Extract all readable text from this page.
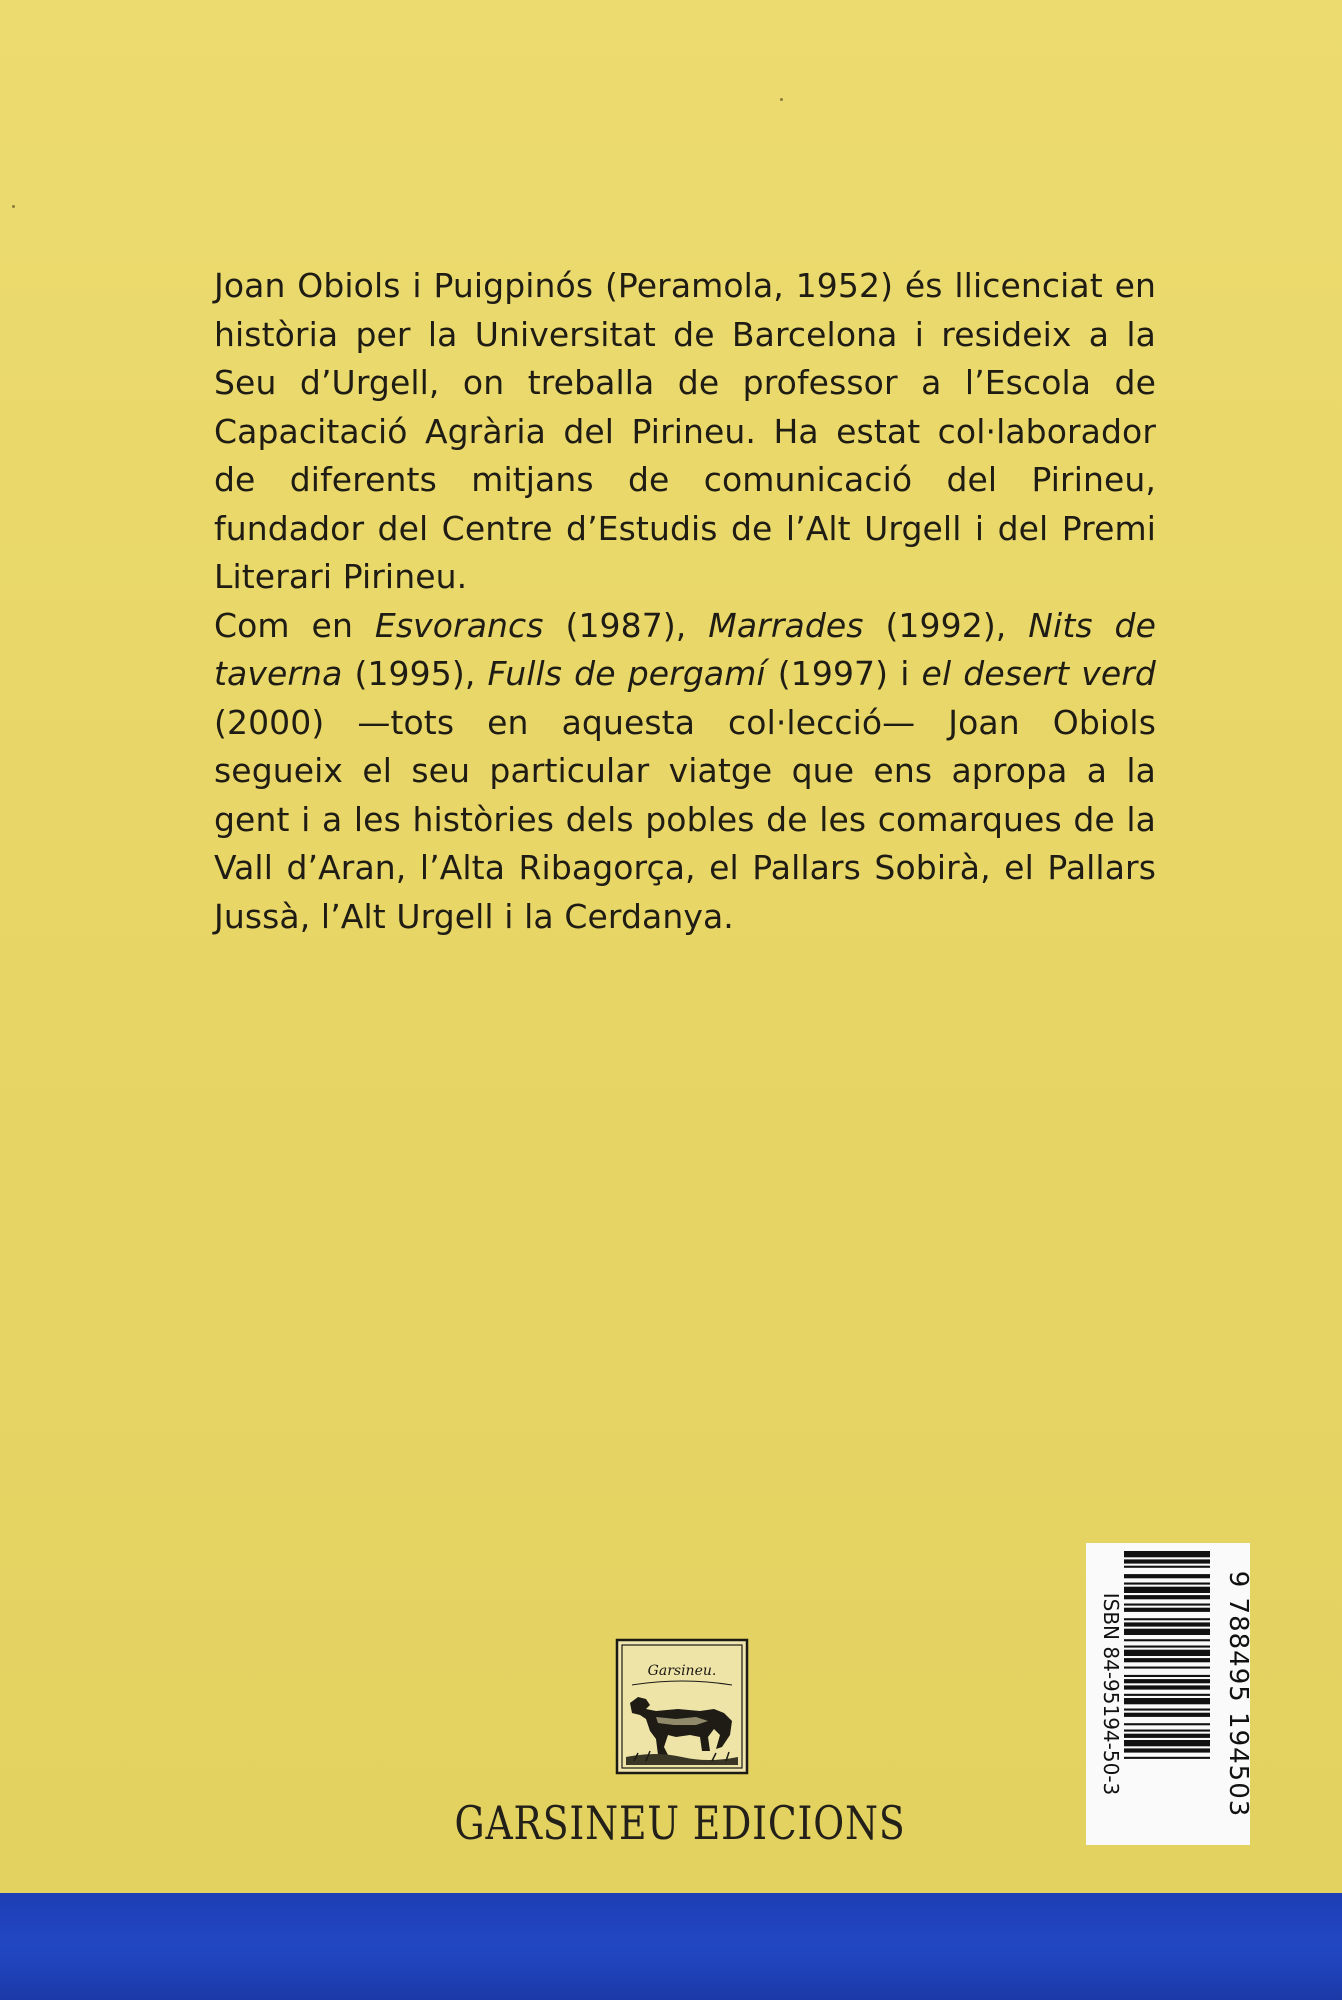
Joan Obiols i Puigpinós (Peramola, 1952) és llicenciat en història per la Universitat de Barcelona i residеix a la Seu d’Urgell, on treballa de professor a l’Escola de Capacitació Agrària del Pirineu. Ha estat col·laborador de diferents mitjans de comunicació del Pirineu, fundador del Centre d’Estudis de l’Alt Urgell i del Premi Literari Pirineu.

Com en Esvorancs (1987), Marrades (1992), Nits de taverna (1995), Fulls de pergamí (1997) i el desert verd (2000) —tots en aquesta col·lecció— Joan Obiols segueix el seu particular viatge que ens apropa a la gent i a les històries dels pobles de les comarques de la Vall d’Aran, l’Alta Ribagorça, el Pallars Sobirà, el Pallars Jussà, l’Alt Urgell i la Cerdanya.

Garsineu.
GARSINEU EDICIONS
ISBN 84-95194-50-3	9 788495 194503
